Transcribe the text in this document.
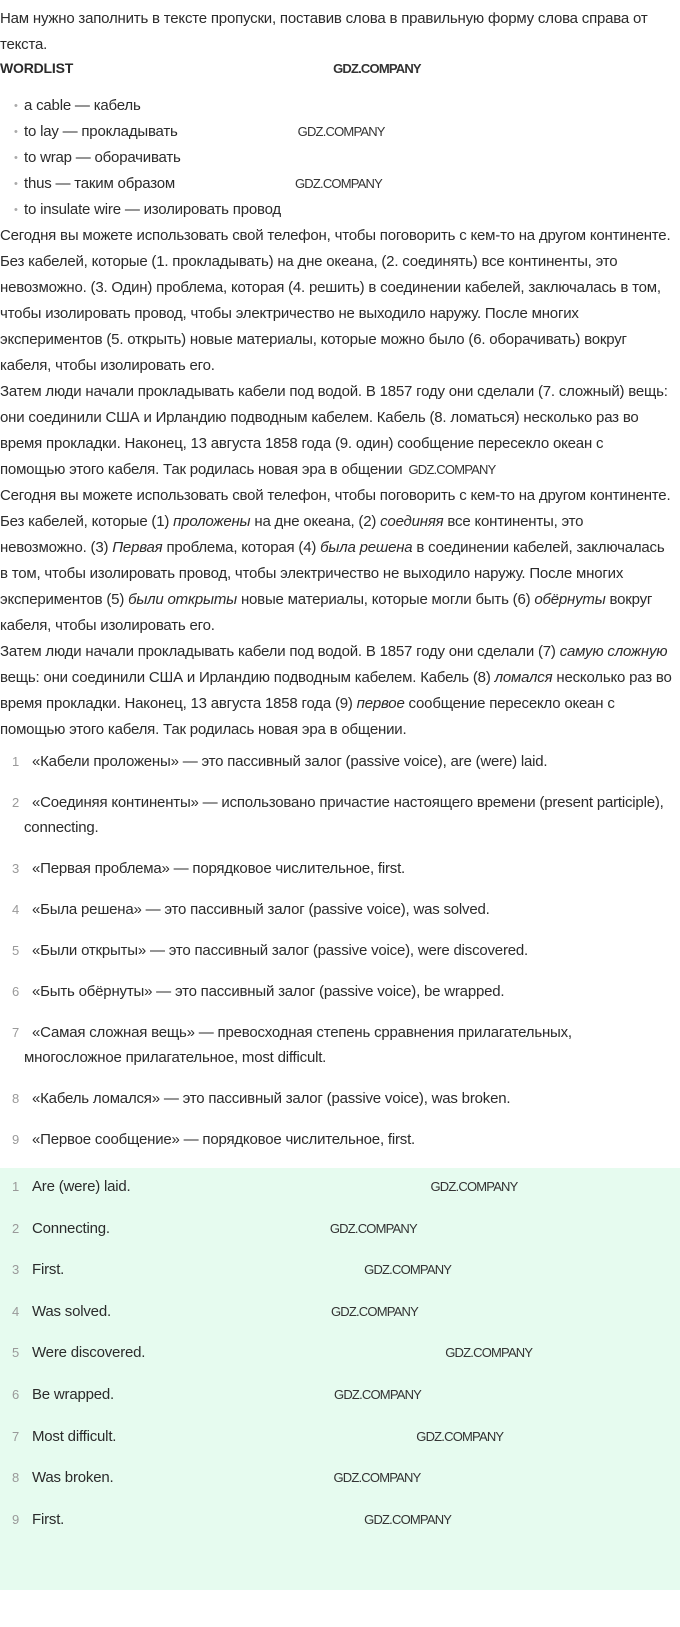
Нам нужно заполнить в тексте пропуски, поставив слова в правильную форму слова справа от текста.

WORDLIST	GDZ.COMPANY
• a cable — кабель
• to lay — прокладывать	GDZ.COMPANY
• to wrap — оборачивать
• thus — таким образом	GDZ.COMPANY
• to insulate wire — изолировать провод

Сегодня вы можете использовать свой телефон, чтобы поговорить с кем-то на другом континенте. Без кабелей, которые (1. прокладывать) на дне океана, (2. соединять) все континенты, это невозможно. (3. Один) проблема, которая (4. решить) в соединении кабелей, заключалась в том, чтобы изолировать провод, чтобы электричество не выходило наружу. После многих экспериментов (5. открыть) новые материалы, которые можно было (6. оборачивать) вокруг кабеля, чтобы изолировать его.

Затем люди начали прокладывать кабели под водой. В 1857 году они сделали (7. сложный) вещь: они соединили США и Ирландию подводным кабелем. Кабель (8. ломаться) несколько раз во время прокладки. Наконец, 13 августа 1858 года (9. один) сообщение пересекло океан с помощью этого кабеля. Так родилась новая эра в общении GDZ.COMPANY

Сегодня вы можете использовать свой телефон, чтобы поговорить с кем-то на другом континенте. Без кабелей, которые (1) проложены на дне океана, (2) соединяя все континенты, это невозможно. (3) Первая проблема, которая (4) была решена в соединении кабелей, заключалась в том, чтобы изолировать провод, чтобы электричество не выходило наружу. После многих экспериментов (5) были открыты новые материалы, которые могли быть (6) обёрнуты вокруг кабеля, чтобы изолировать его.

Затем люди начали прокладывать кабели под водой. В 1857 году они сделали (7) самую сложную вещь: они соединили США и Ирландию подводным кабелем. Кабель (8) ломался несколько раз во время прокладки. Наконец, 13 августа 1858 года (9) первое сообщение пересекло океан с помощью этого кабеля. Так родилась новая эра в общении.

1 «Кабели проложены» — это пассивный залог (passive voice), are (were) laid.
2 «Соединяя континенты» — использовано причастие настоящего времени (present participle), connecting.
3 «Первая проблема» — порядковое числительное, first.
4 «Была решена» — это пассивный залог (passive voice), was solved.
5 «Были открыты» — это пассивный залог (passive voice), were discovered.
6 «Быть обёрнуты» — это пассивный залог (passive voice), be wrapped.
7 «Самая сложная вещь» — превосходная степень срравнения прилагательных, многосложное прилагательное, most difficult.
8 «Кабель ломался» — это пассивный залог (passive voice), was broken.
9 «Первое сообщение» — порядковое числительное, first.
1 Are (were) laid.	GDZ.COMPANY
2 Connecting.	GDZ.COMPANY
3 First.	GDZ.COMPANY
4 Was solved.	GDZ.COMPANY
5 Were discovered.	GDZ.COMPANY
6 Be wrapped.	GDZ.COMPANY
7 Most difficult.	GDZ.COMPANY
8 Was broken.	GDZ.COMPANY
9 First.	GDZ.COMPANY
